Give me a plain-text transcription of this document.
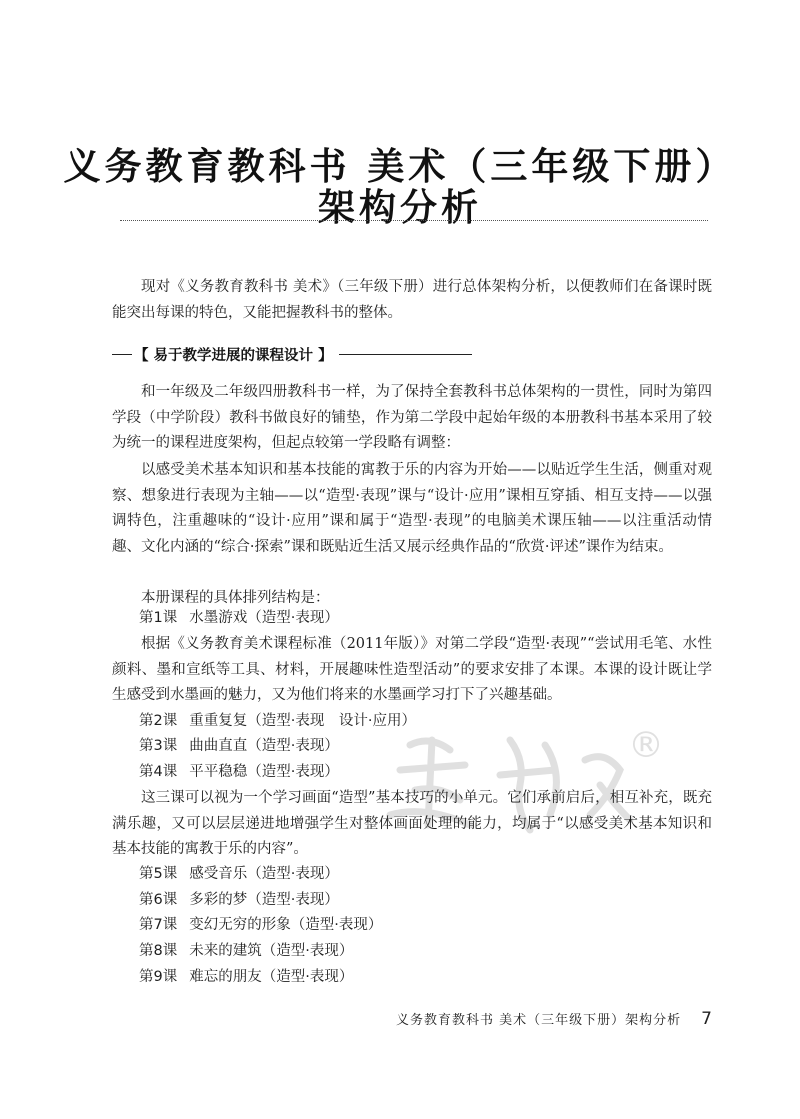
义务教育教科书 美术（三年级下册）
架构分析

现对《义务教育教科书 美术》（三年级下册）进行总体架构分析，以便教师们在备课时既能突出每课的特色，又能把握教科书的整体。

【 易于教学进展的课程设计 】

和一年级及二年级四册教科书一样，为了保持全套教科书总体架构的一贯性，同时为第四学段（中学阶段）教科书做良好的铺垫，作为第二学段中起始年级的本册教科书基本采用了较为统一的课程进度架构，但起点较第一学段略有调整：

以感受美术基本知识和基本技能的寓教于乐的内容为开始——以贴近学生生活，侧重对观察、想象进行表现为主轴——以“造型·表现”课与“设计·应用”课相互穿插、相互支持——以强调特色，注重趣味的“设计·应用”课和属于“造型·表现”的电脑美术课压轴——以注重活动情趣、文化内涵的“综合·探索”课和既贴近生活又展示经典作品的“欣赏·评述”课作为结束。

本册课程的具体排列结构是：

第1课 水墨游戏（造型·表现）

根据《义务教育美术课程标准（2011年版）》对第二学段“造型·表现”“尝试用毛笔、水性颜料、墨和宣纸等工具、材料，开展趣味性造型活动”的要求安排了本课。本课的设计既让学生感受到水墨画的魅力，又为他们将来的水墨画学习打下了兴趣基础。

第2课 重重复复（造型·表现　设计·应用）

第3课 曲曲直直（造型·表现）

第4课 平平稳稳（造型·表现）

®

这三课可以视为一个学习画面“造型”基本技巧的小单元。它们承前启后，相互补充，既充满乐趣，又可以层层递进地增强学生对整体画面处理的能力，均属于“以感受美术基本知识和基本技能的寓教于乐的内容”。

第5课 感受音乐（造型·表现）

第6课 多彩的梦（造型·表现）

第7课 变幻无穷的形象（造型·表现）

第8课 未来的建筑（造型·表现）

第9课 难忘的朋友（造型·表现）

义务教育教科书 美术（三年级下册）架构分析 7
